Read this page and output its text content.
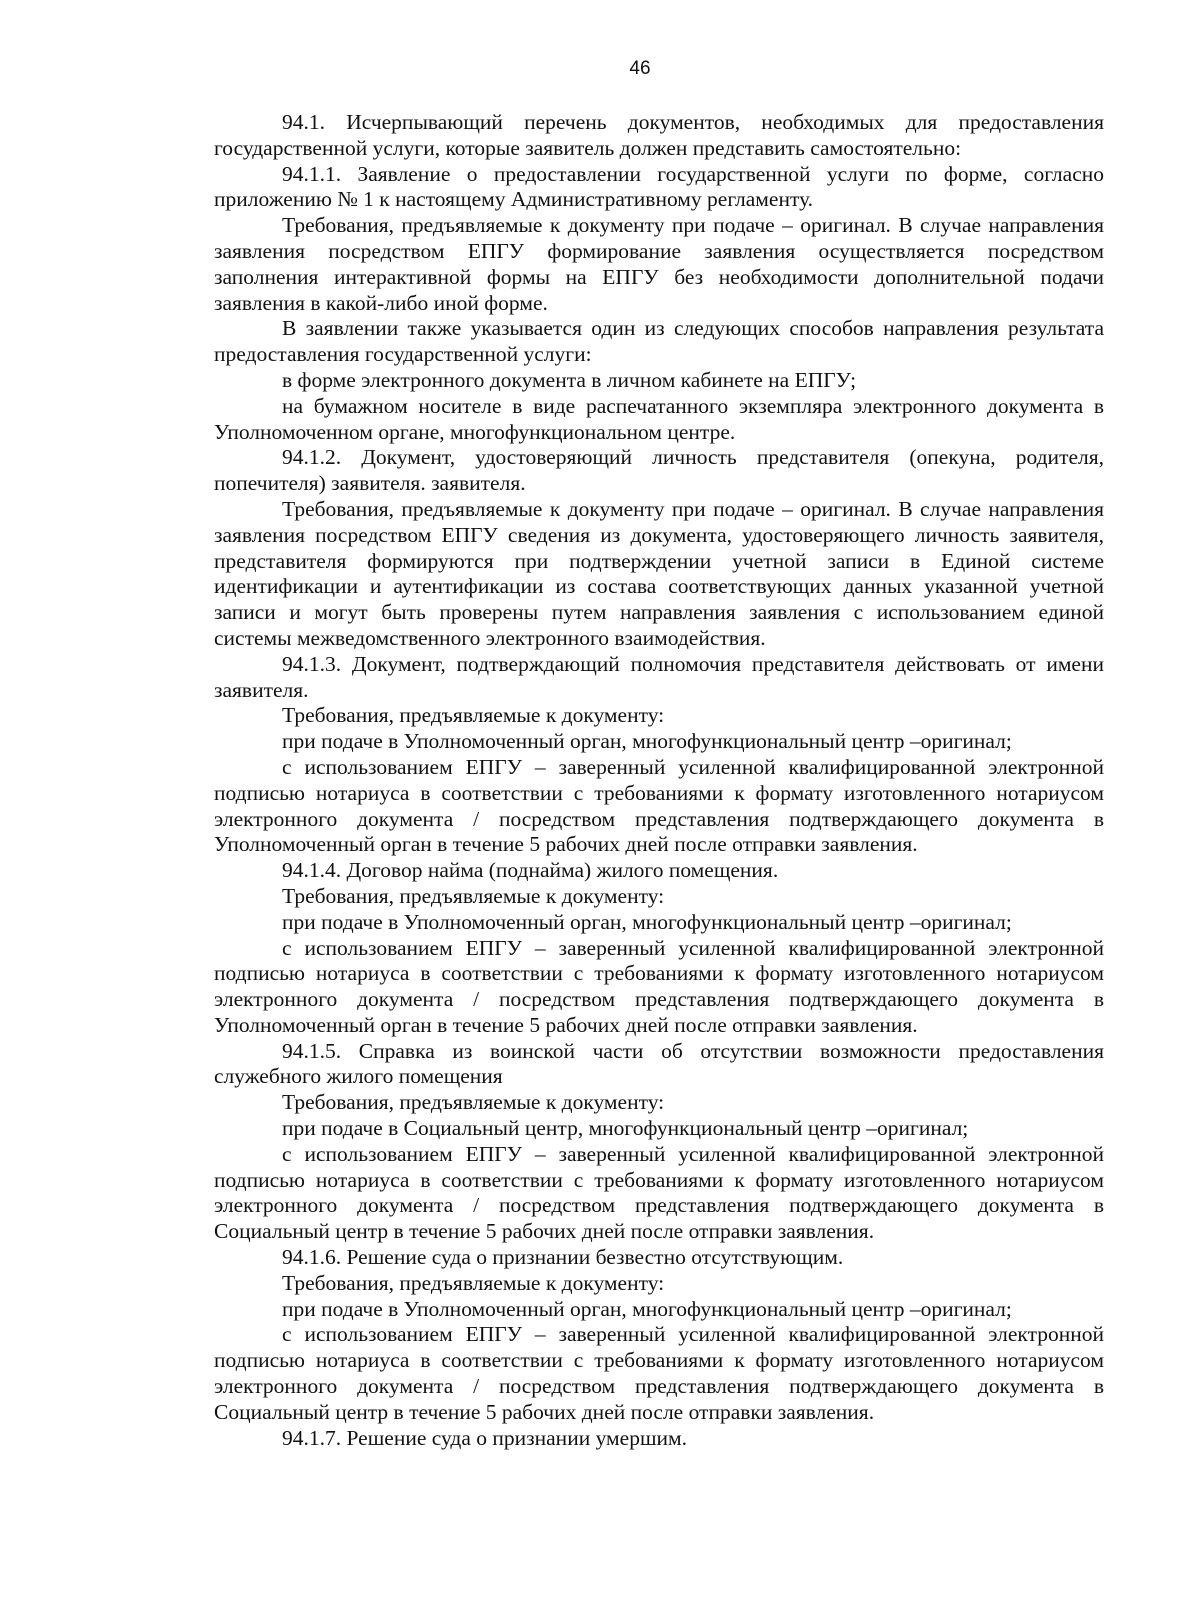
46

94.1. Исчерпывающий перечень документов, необходимых для предоставления государственной услуги, которые заявитель должен представить самостоятельно:

94.1.1. Заявление о предоставлении государственной услуги по форме, согласно приложению № 1 к настоящему Административному регламенту.

Требования, предъявляемые к документу при подаче – оригинал. В случае направления заявления посредством ЕПГУ формирование заявления осуществляется посредством заполнения интерактивной формы на ЕПГУ без необходимости дополнительной подачи заявления в какой-либо иной форме.

В заявлении также указывается один из следующих способов направления результата предоставления государственной услуги:

в форме электронного документа в личном кабинете на ЕПГУ;

на бумажном носителе в виде распечатанного экземпляра электронного документа в Уполномоченном органе, многофункциональном центре.

94.1.2. Документ, удостоверяющий личность представителя (опекуна, родителя, попечителя) заявителя. заявителя.

Требования, предъявляемые к документу при подаче – оригинал. В случае направления заявления посредством ЕПГУ сведения из документа, удостоверяющего личность заявителя, представителя формируются при подтверждении учетной записи в Единой системе идентификации и аутентификации из состава соответствующих данных указанной учетной записи и могут быть проверены путем направления заявления с использованием единой системы межведомственного электронного взаимодействия.

94.1.3. Документ, подтверждающий полномочия представителя действовать от имени заявителя.

Требования, предъявляемые к документу:

при подаче в Уполномоченный орган, многофункциональный центр –оригинал;

с использованием ЕПГУ – заверенный усиленной квалифицированной электронной подписью нотариуса в соответствии с требованиями к формату изготовленного нотариусом электронного документа / посредством представления подтверждающего документа в Уполномоченный орган в течение 5 рабочих дней после отправки заявления.

94.1.4. Договор найма (поднайма) жилого помещения.

Требования, предъявляемые к документу:

при подаче в Уполномоченный орган, многофункциональный центр –оригинал;

с использованием ЕПГУ – заверенный усиленной квалифицированной электронной подписью нотариуса в соответствии с требованиями к формату изготовленного нотариусом электронного документа / посредством представления подтверждающего документа в Уполномоченный орган в течение 5 рабочих дней после отправки заявления.

94.1.5. Справка из воинской части об отсутствии возможности предоставления служебного жилого помещения

Требования, предъявляемые к документу:

при подаче в Социальный центр, многофункциональный центр –оригинал;

с использованием ЕПГУ – заверенный усиленной квалифицированной электронной подписью нотариуса в соответствии с требованиями к формату изготовленного нотариусом электронного документа / посредством представления подтверждающего документа в Социальный центр в течение 5 рабочих дней после отправки заявления.

94.1.6. Решение суда о признании безвестно отсутствующим.

Требования, предъявляемые к документу:

при подаче в Уполномоченный орган, многофункциональный центр –оригинал;

с использованием ЕПГУ – заверенный усиленной квалифицированной электронной подписью нотариуса в соответствии с требованиями к формату изготовленного нотариусом электронного документа / посредством представления подтверждающего документа в Социальный центр в течение 5 рабочих дней после отправки заявления.

94.1.7. Решение суда о признании умершим.
